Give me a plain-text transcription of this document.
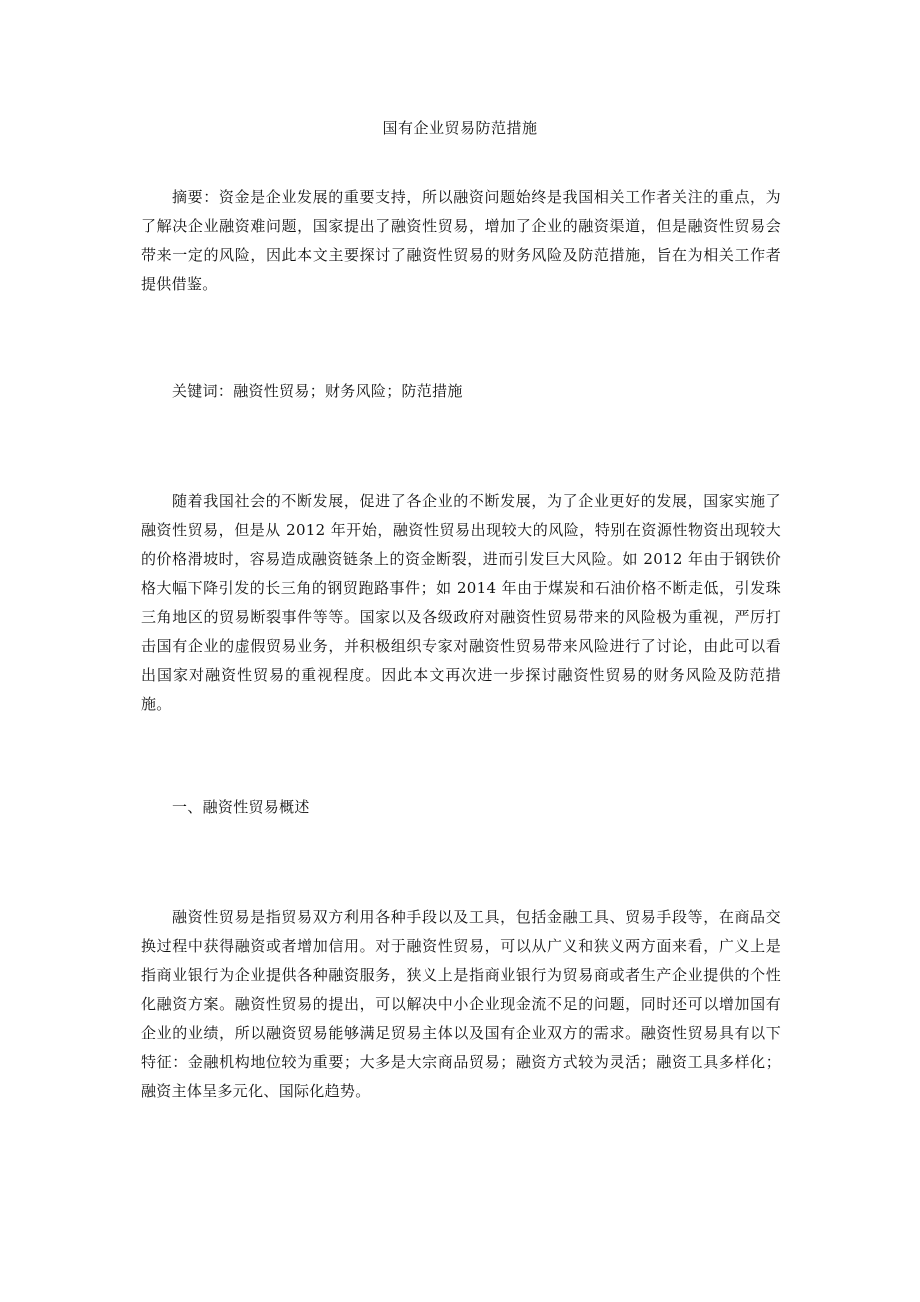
国有企业贸易防范措施

摘要：资金是企业发展的重要支持，所以融资问题始终是我国相关工作者关注的重点，为了解决企业融资难问题，国家提出了融资性贸易，增加了企业的融资渠道，但是融资性贸易会带来一定的风险，因此本文主要探讨了融资性贸易的财务风险及防范措施，旨在为相关工作者提供借鉴。

关键词：融资性贸易；财务风险；防范措施

随着我国社会的不断发展，促进了各企业的不断发展，为了企业更好的发展，国家实施了融资性贸易，但是从 2012 年开始，融资性贸易出现较大的风险，特别在资源性物资出现较大的价格滑坡时，容易造成融资链条上的资金断裂，进而引发巨大风险。如 2012 年由于钢铁价格大幅下降引发的长三角的钢贸跑路事件；如 2014 年由于煤炭和石油价格不断走低，引发珠三角地区的贸易断裂事件等等。国家以及各级政府对融资性贸易带来的风险极为重视，严厉打击国有企业的虚假贸易业务，并积极组织专家对融资性贸易带来风险进行了讨论，由此可以看出国家对融资性贸易的重视程度。因此本文再次进一步探讨融资性贸易的财务风险及防范措施。

一、融资性贸易概述

融资性贸易是指贸易双方利用各种手段以及工具，包括金融工具、贸易手段等，在商品交换过程中获得融资或者增加信用。对于融资性贸易，可以从广义和狭义两方面来看，广义上是指商业银行为企业提供各种融资服务，狭义上是指商业银行为贸易商或者生产企业提供的个性化融资方案。融资性贸易的提出，可以解决中小企业现金流不足的问题，同时还可以增加国有企业的业绩，所以融资贸易能够满足贸易主体以及国有企业双方的需求。融资性贸易具有以下特征：金融机构地位较为重要；大多是大宗商品贸易；融资方式较为灵活；融资工具多样化；融资主体呈多元化、国际化趋势。
